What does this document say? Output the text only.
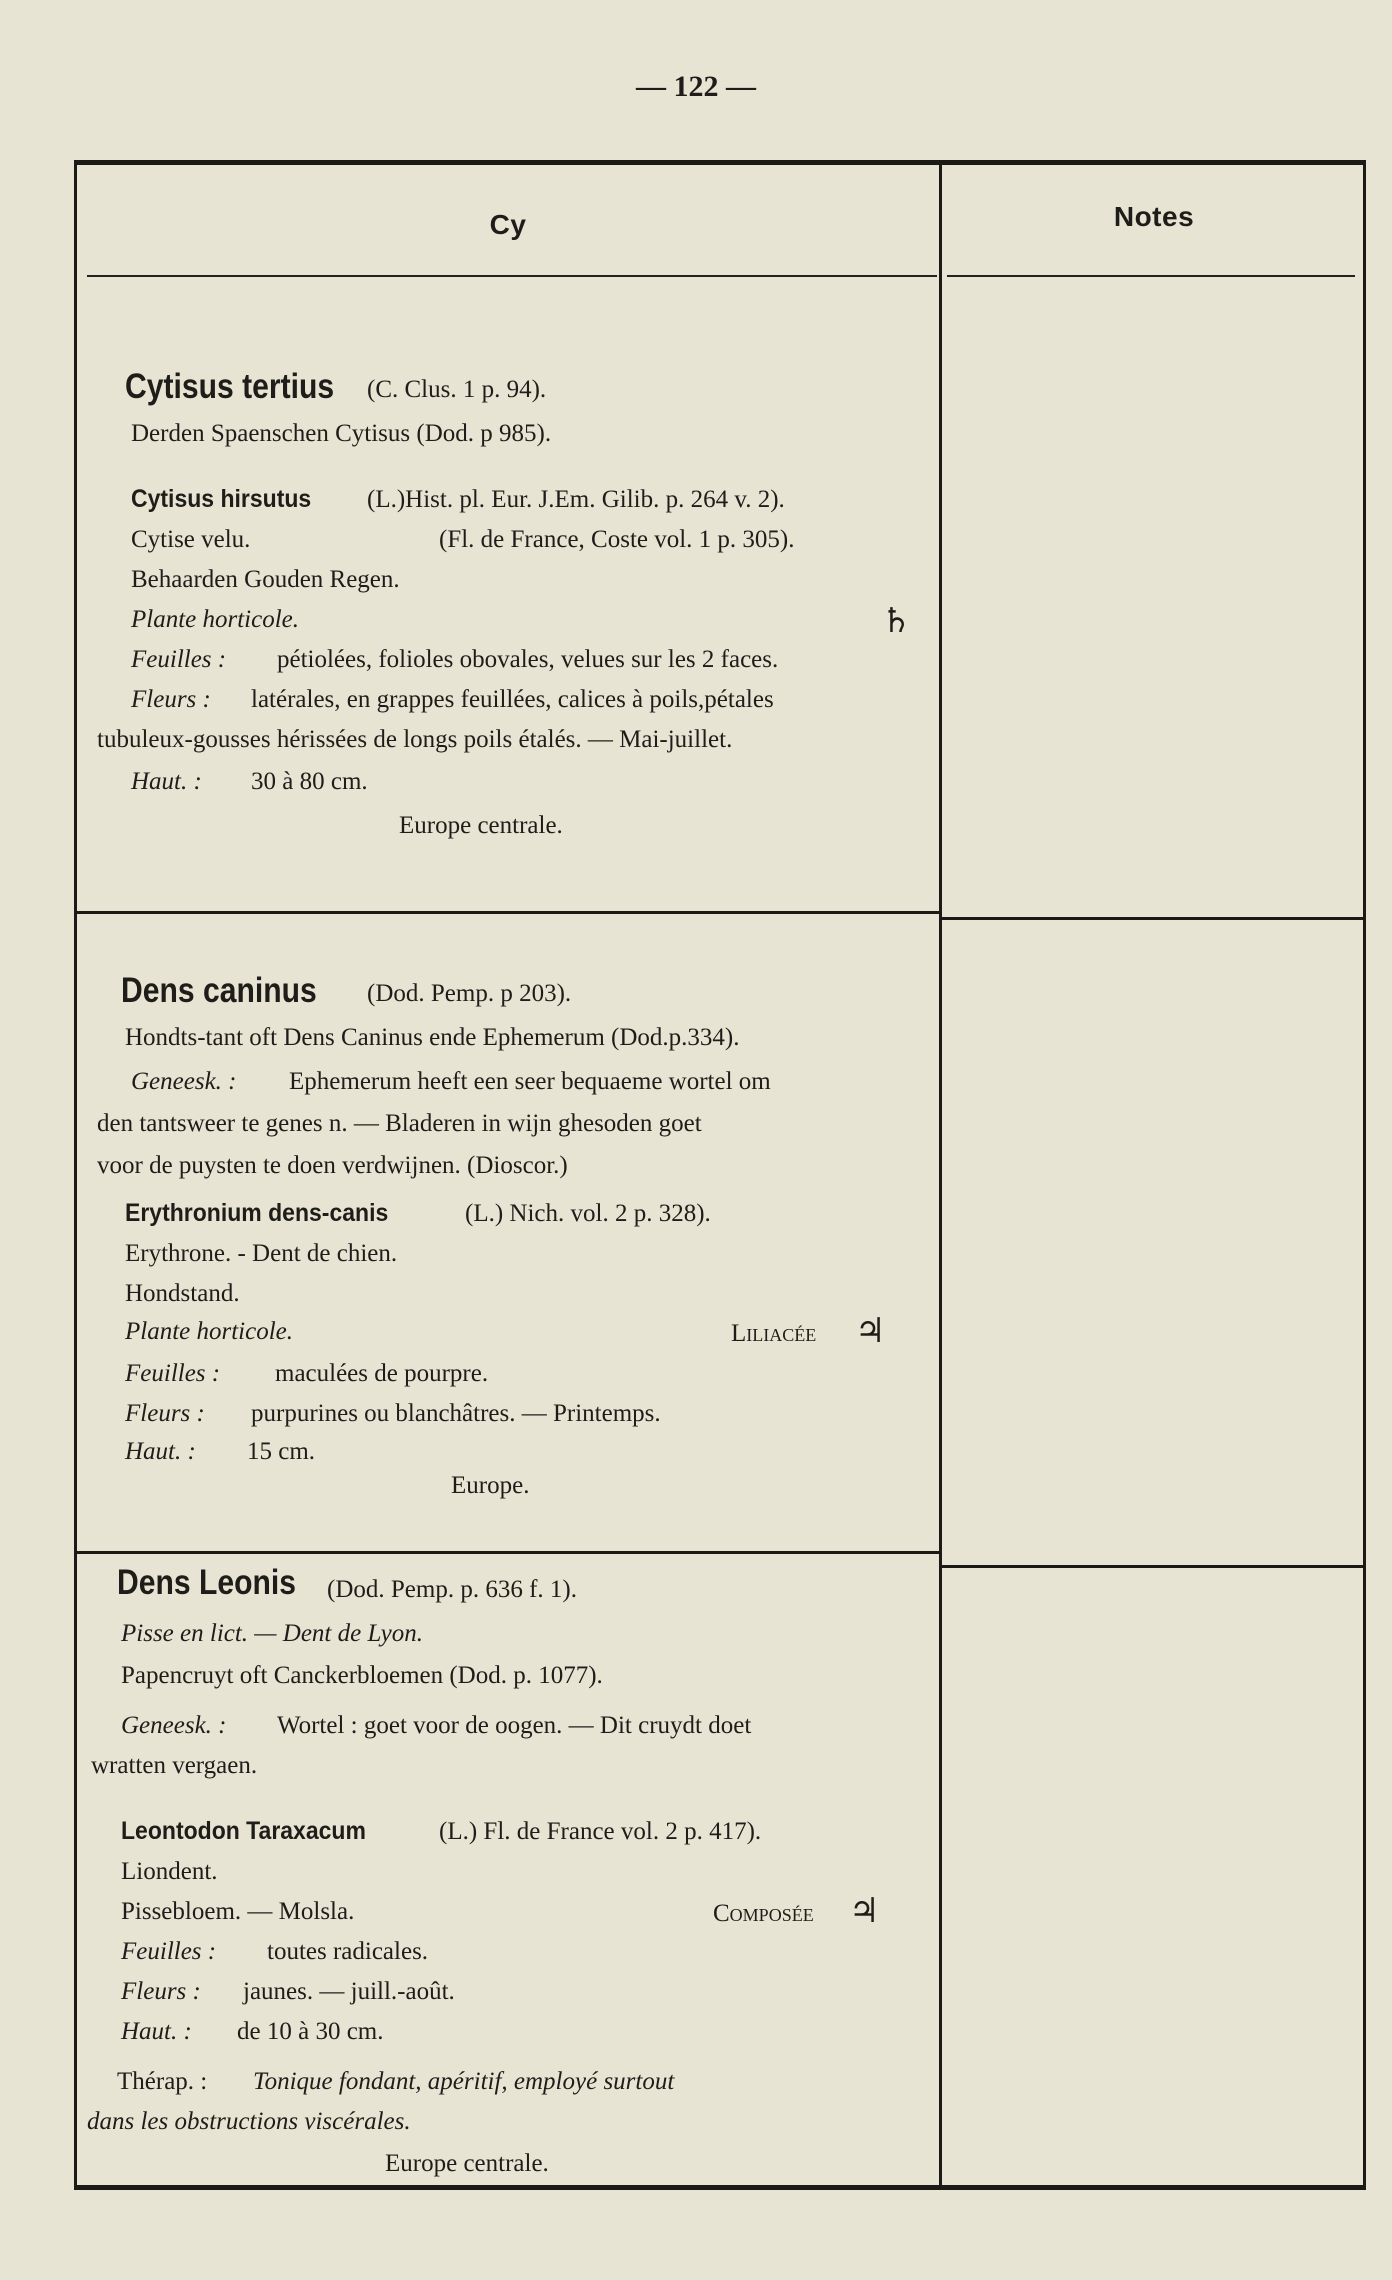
— 122 —
Cy	Notes
Cytisus tertius (C. Clus. 1 p. 94).
Derden Spaenschen Cytisus (Dod. p 985).
Cytisus hirsutus (L.)Hist. pl. Eur. J.Em. Gilib. p. 264 v. 2).
Cytise velu.	(Fl. de France, Coste vol. 1 p. 305).
Behaarden Gouden Regen.
Plante horticole.	♄
Feuilles : pétiolées, folioles obovales, velues sur les 2 faces.
Fleurs : latérales, en grappes feuillées, calices à poils,pétales
tubuleux-gousses hérissées de longs poils étalés. — Mai-juillet.
Haut. : 30 à 80 cm.
Europe centrale.
Dens caninus (Dod. Pemp. p 203).
Hondts-tant oft Dens Caninus ende Ephemerum (Dod.p.334).
Geneesk. : Ephemerum heeft een seer bequaeme wortel om
den tantsweer te genes n. — Bladeren in wijn ghesoden goet
voor de puysten te doen verdwijnen. (Dioscor.)
Erythronium dens-canis	(L.) Nich. vol. 2 p. 328).
Erythrone. - Dent de chien.
Hondstand.
Plante horticole.	Liliacée ♃
Feuilles : maculées de pourpre.
Fleurs : purpurines ou blanchâtres. — Printemps.
Haut. : 15 cm.
Europe.
Dens Leonis (Dod. Pemp. p. 636 f. 1).
Pisse en lict. — Dent de Lyon.
Papencruyt oft Canckerbloemen (Dod. p. 1077).
Geneesk. : Wortel : goet voor de oogen. — Dit cruydt doet
wratten vergaen.
Leontodon Taraxacum	(L.) Fl. de France vol. 2 p. 417).
Liondent.
Pissebloem. — Molsla.	Composée ♃
Feuilles : toutes radicales.
Fleurs : jaunes. — juill.-août.
Haut. : de 10 à 30 cm.
Thérap. : Tonique fondant, apéritif, employé surtout
dans les obstructions viscérales.
Europe centrale.
